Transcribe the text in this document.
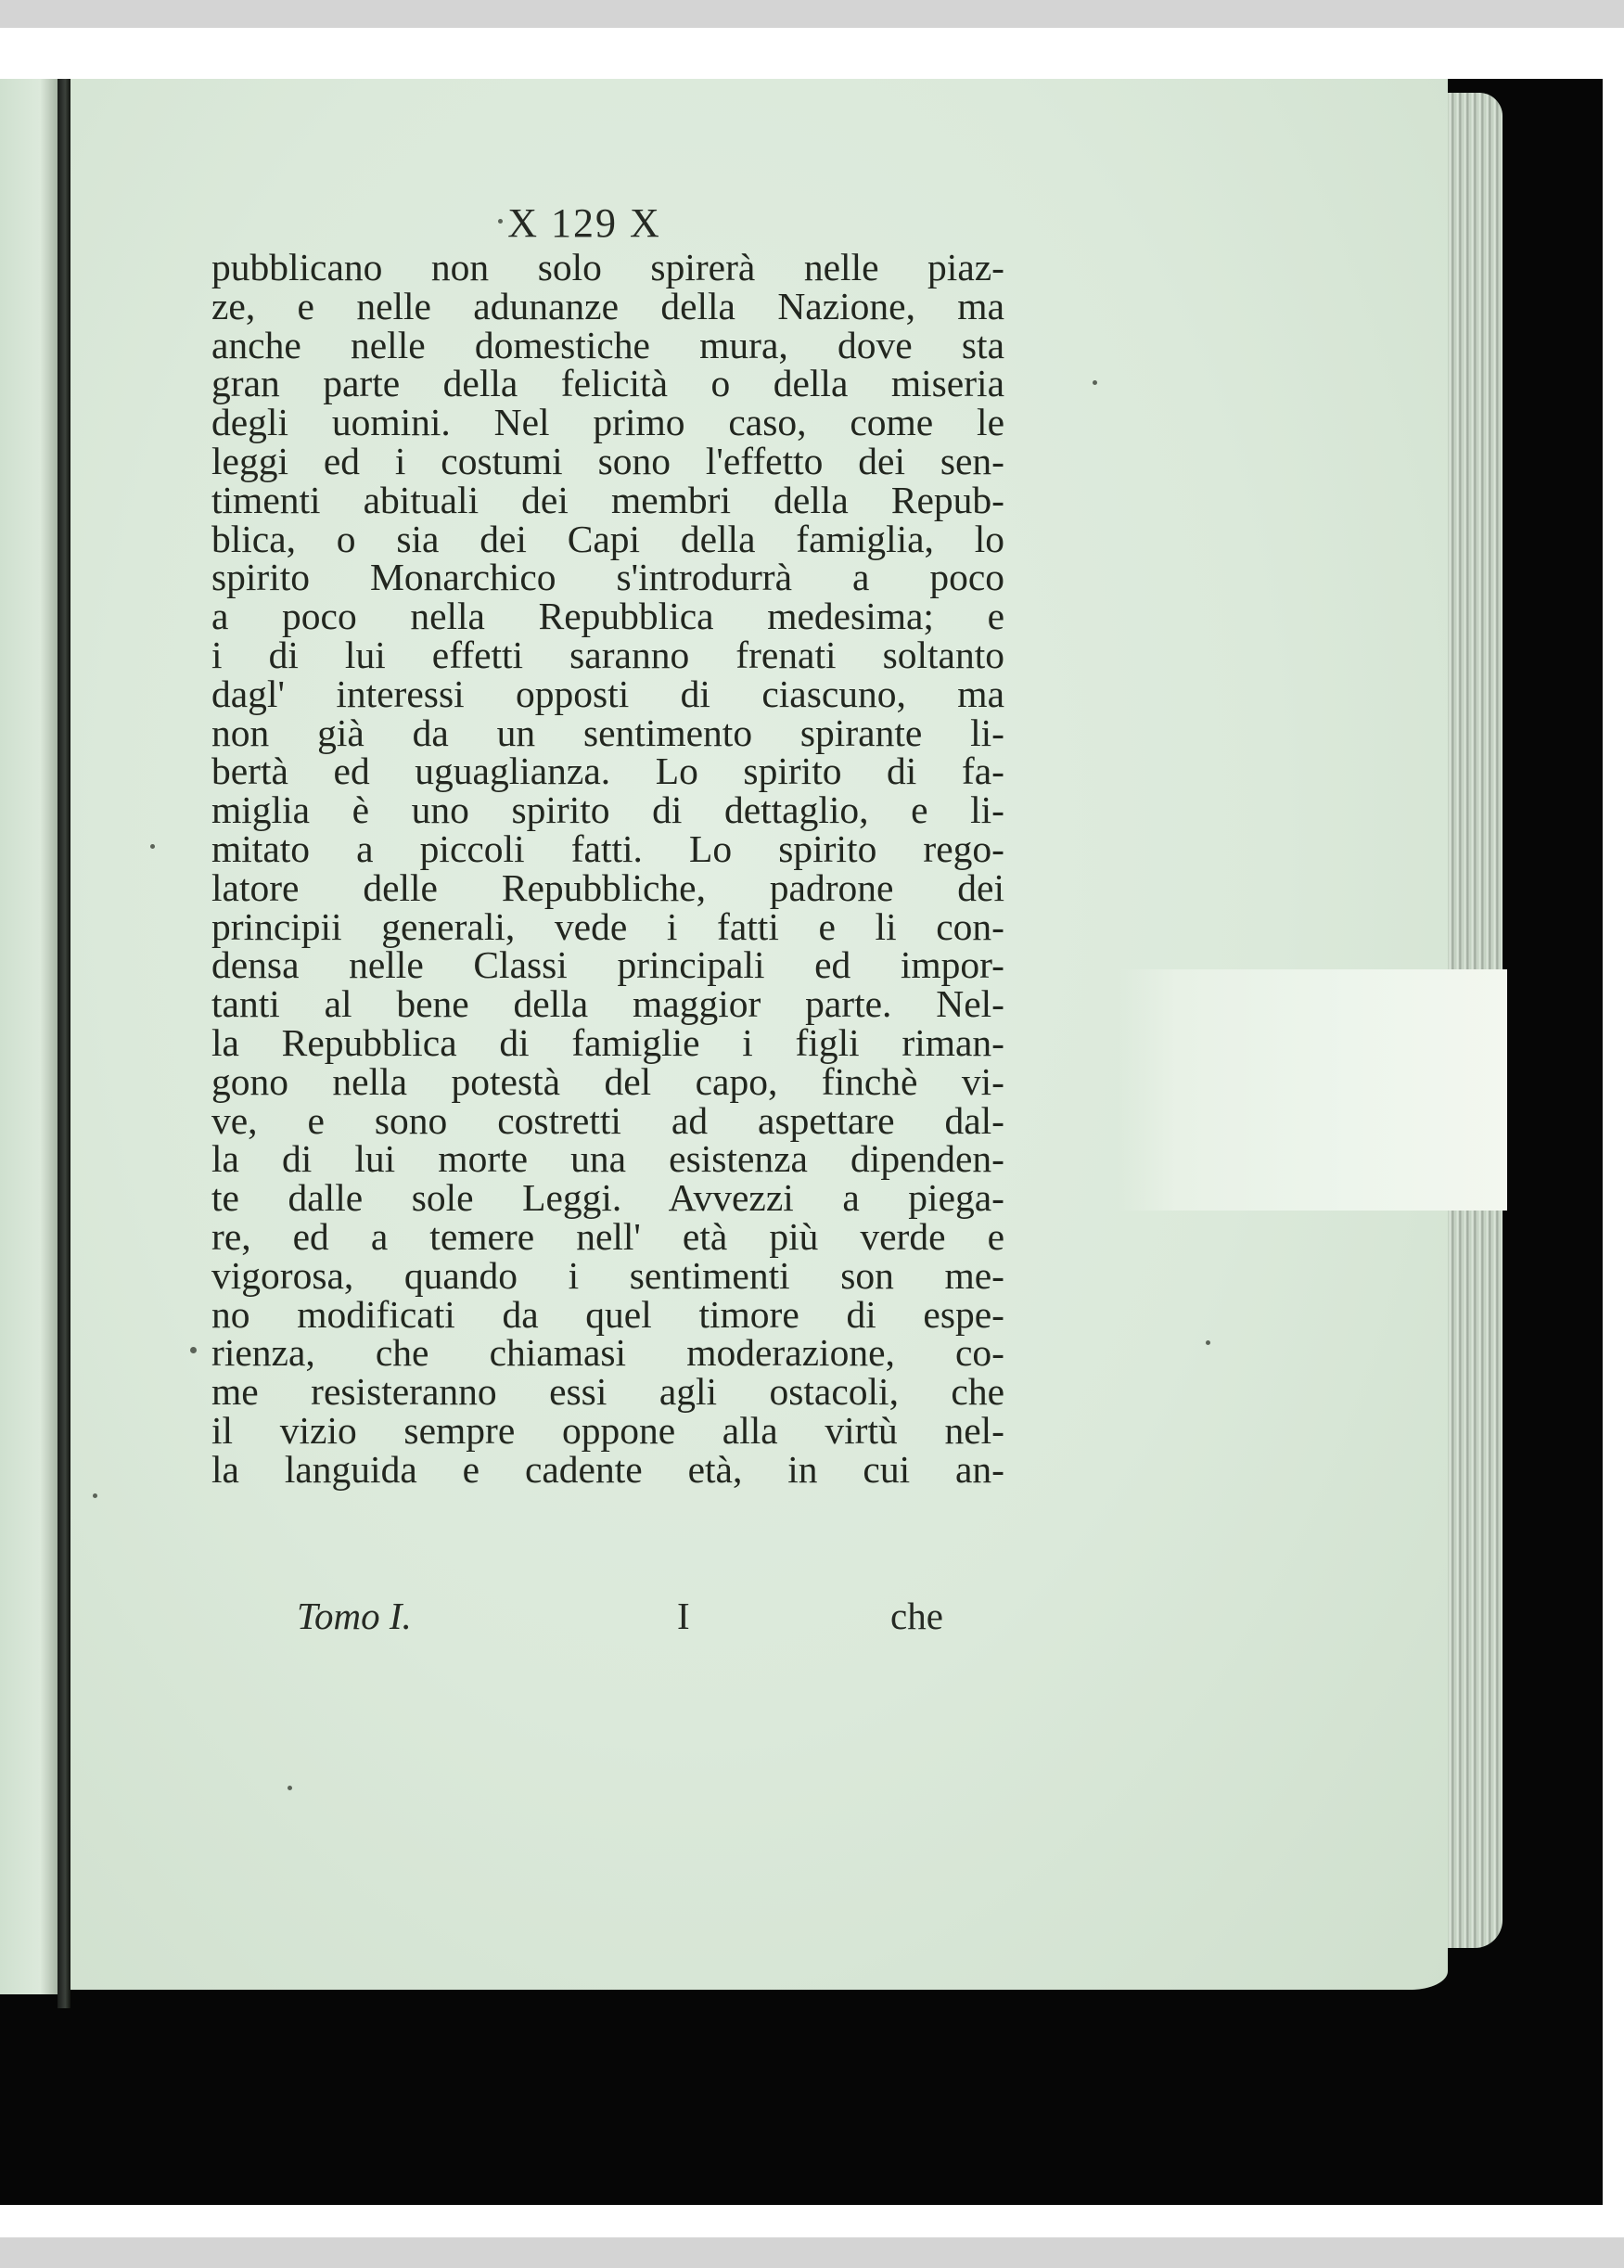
X 129 X
pubblicano non solo spirerà nelle piaz-
ze, e nelle adunanze della Nazione, ma
anche nelle domestiche mura, dove sta
gran parte della felicità o della miseria
degli uomini. Nel primo caso, come le
leggi ed i costumi sono l'effetto dei sen-
timenti abituali dei membri della Repub-
blica, o sia dei Capi della famiglia, lo
spirito Monarchico s'introdurrà a poco
a poco nella Repubblica medesima; e
i di lui effetti saranno frenati soltanto
dagl' interessi opposti di ciascuno, ma
non già da un sentimento spirante li-
bertà ed uguaglianza. Lo spirito di fa-
miglia è uno spirito di dettaglio, e li-
mitato a piccoli fatti. Lo spirito rego-
latore delle Repubbliche, padrone dei
principii generali, vede i fatti e li con-
densa nelle Classi principali ed impor-
tanti al bene della maggior parte. Nel-
la Repubblica di famiglie i figli riman-
gono nella potestà del capo, finchè vi-
ve, e sono costretti ad aspettare dal-
la di lui morte una esistenza dipenden-
te dalle sole Leggi. Avvezzi a piega-
re, ed a temere nell' età più verde e
vigorosa, quando i sentimenti son me-
no modificati da quel timore di espe-
rienza, che chiamasi moderazione, co-
me resisteranno essi agli ostacoli, che
il vizio sempre oppone alla virtù nel-
la languida e cadente età, in cui an-
Tomo I.	I	che
